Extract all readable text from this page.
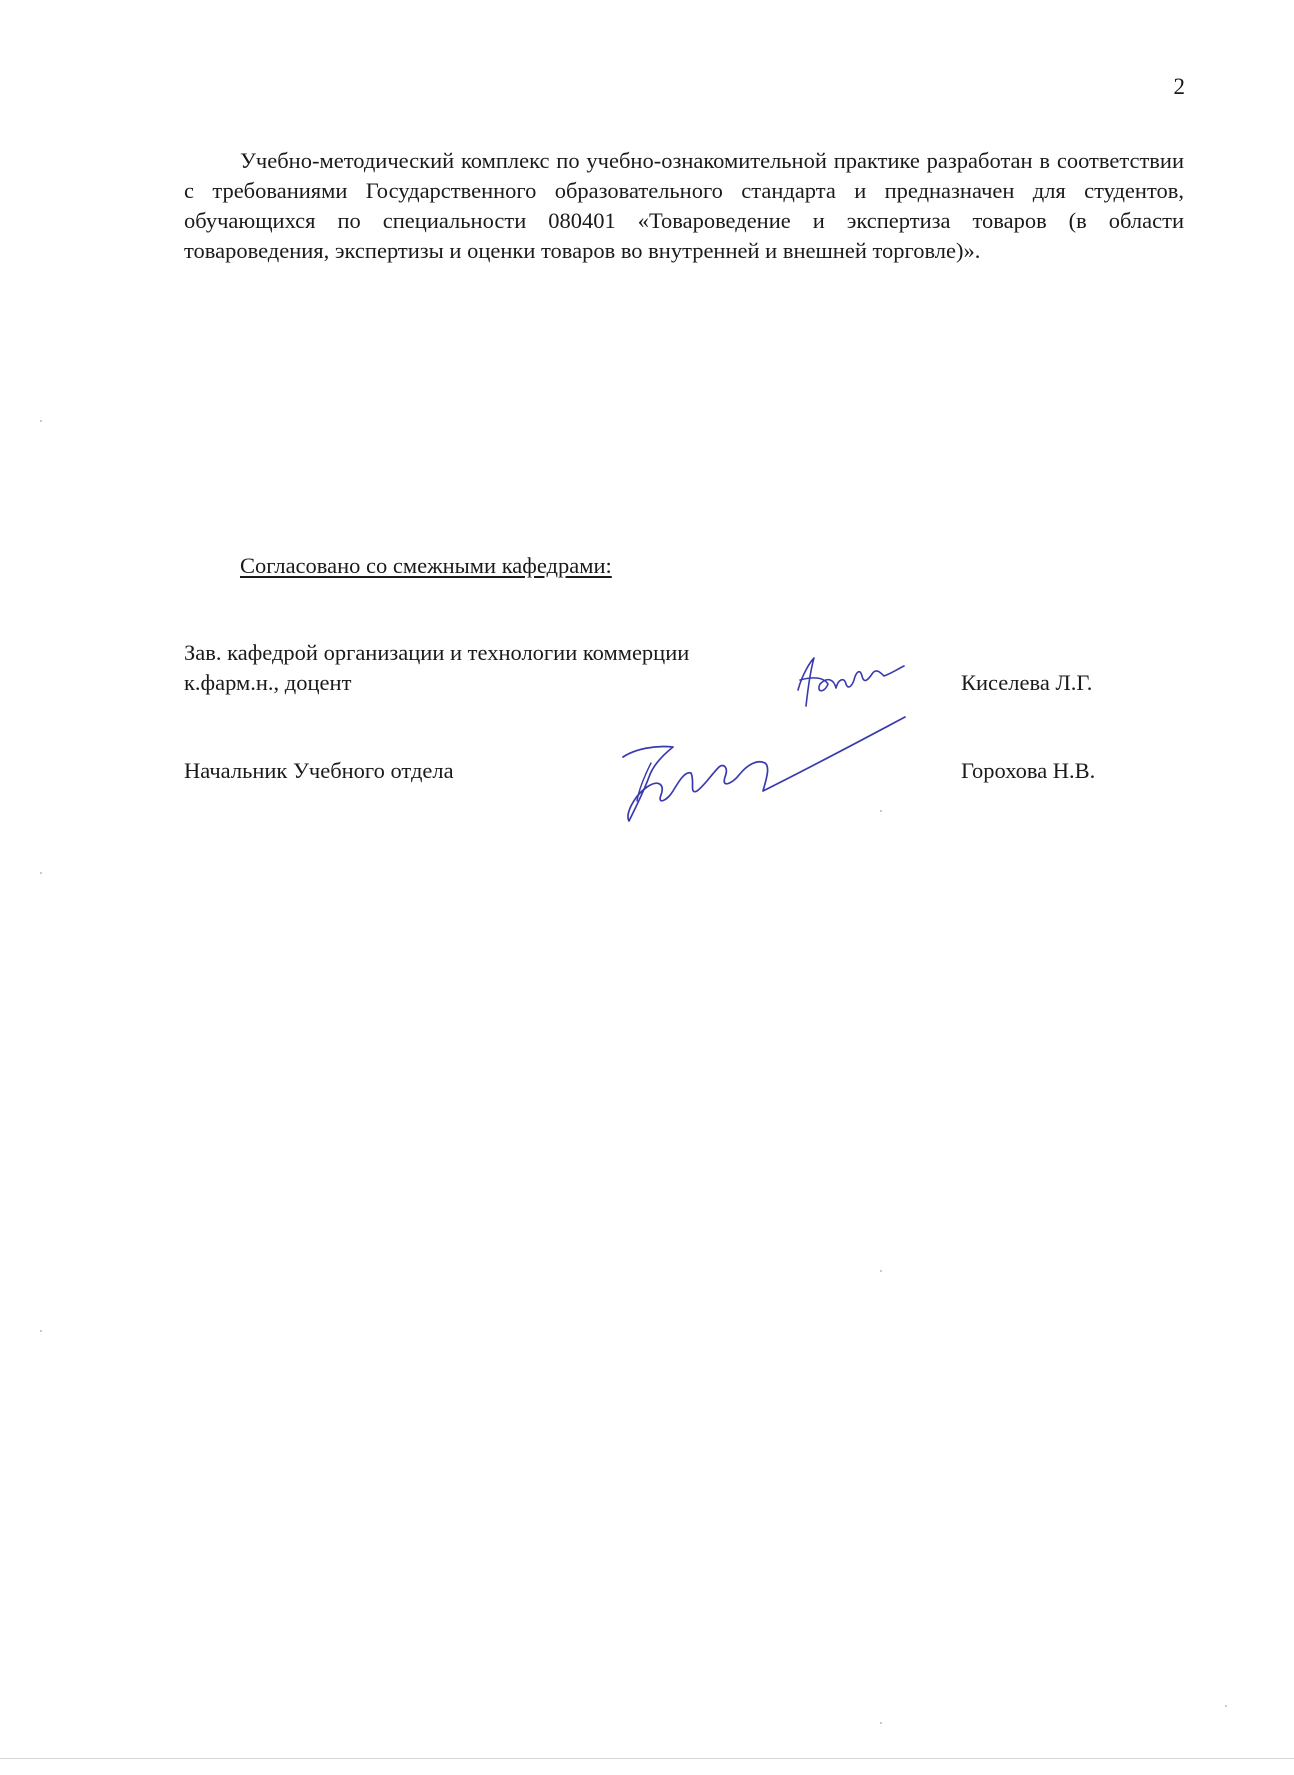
2

Учебно-методический комплекс по учебно-ознакомительной практике разработан в соответствии с требованиями Государственного образовательного стандарта и предназначен для студентов, обучающихся по специальности 080401 «Товароведение и экспертиза товаров (в области товароведения, экспертизы и оценки товаров во внутренней и внешней торговле)».

Согласовано со смежными кафедрами:
Зав. кафедрой организации и технологии коммерции
к.фарм.н., доцент	Киселева Л.Г.
Начальник Учебного отдела	Горохова Н.В.
